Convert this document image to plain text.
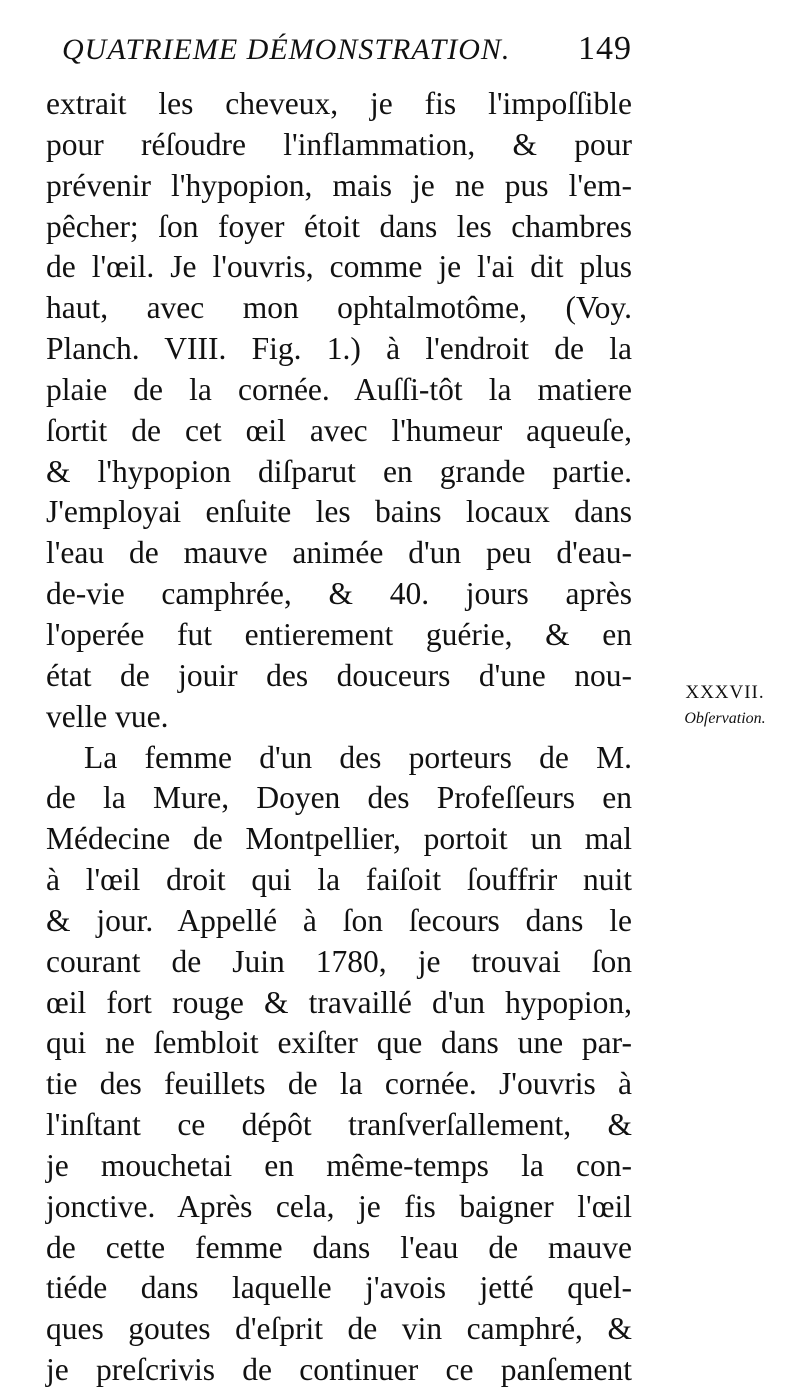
QUATRIEME DÉMONSTRATION. 149
extrait les cheveux, je fis l'impoſſible
pour réſoudre l'inflammation, & pour
prévenir l'hypopion, mais je ne pus l'em-
pêcher; ſon foyer étoit dans les chambres
de l'œil. Je l'ouvris, comme je l'ai dit plus
haut, avec mon ophtalmotôme, (Voy.
Planch. VIII. Fig. 1.) à l'endroit de la
plaie de la cornée. Auſſi-tôt la matiere
ſortit de cet œil avec l'humeur aqueuſe,
& l'hypopion diſparut en grande partie.
J'employai enſuite les bains locaux dans
l'eau de mauve animée d'un peu d'eau-
de-vie camphrée, & 40. jours après
l'operée fut entierement guérie, & en
état de jouir des douceurs d'une nou-
velle vue.
La femme d'un des porteurs de M.
de la Mure, Doyen des Profeſſeurs en
Médecine de Montpellier, portoit un mal
à l'œil droit qui la faiſoit ſouffrir nuit
& jour. Appellé à ſon ſecours dans le
courant de Juin 1780, je trouvai ſon
œil fort rouge & travaillé d'un hypopion,
qui ne ſembloit exiſter que dans une par-
tie des feuillets de la cornée. J'ouvris à
l'inſtant ce dépôt tranſverſallement, &
je mouchetai en même-temps la con-
jonctive. Après cela, je fis baigner l'œil
de cette femme dans l'eau de mauve
tiéde dans laquelle j'avois jetté quel-
ques goutes d'eſprit de vin camphré, &
je preſcrivis de continuer ce panſement
XXXVII.
Obſervation.
